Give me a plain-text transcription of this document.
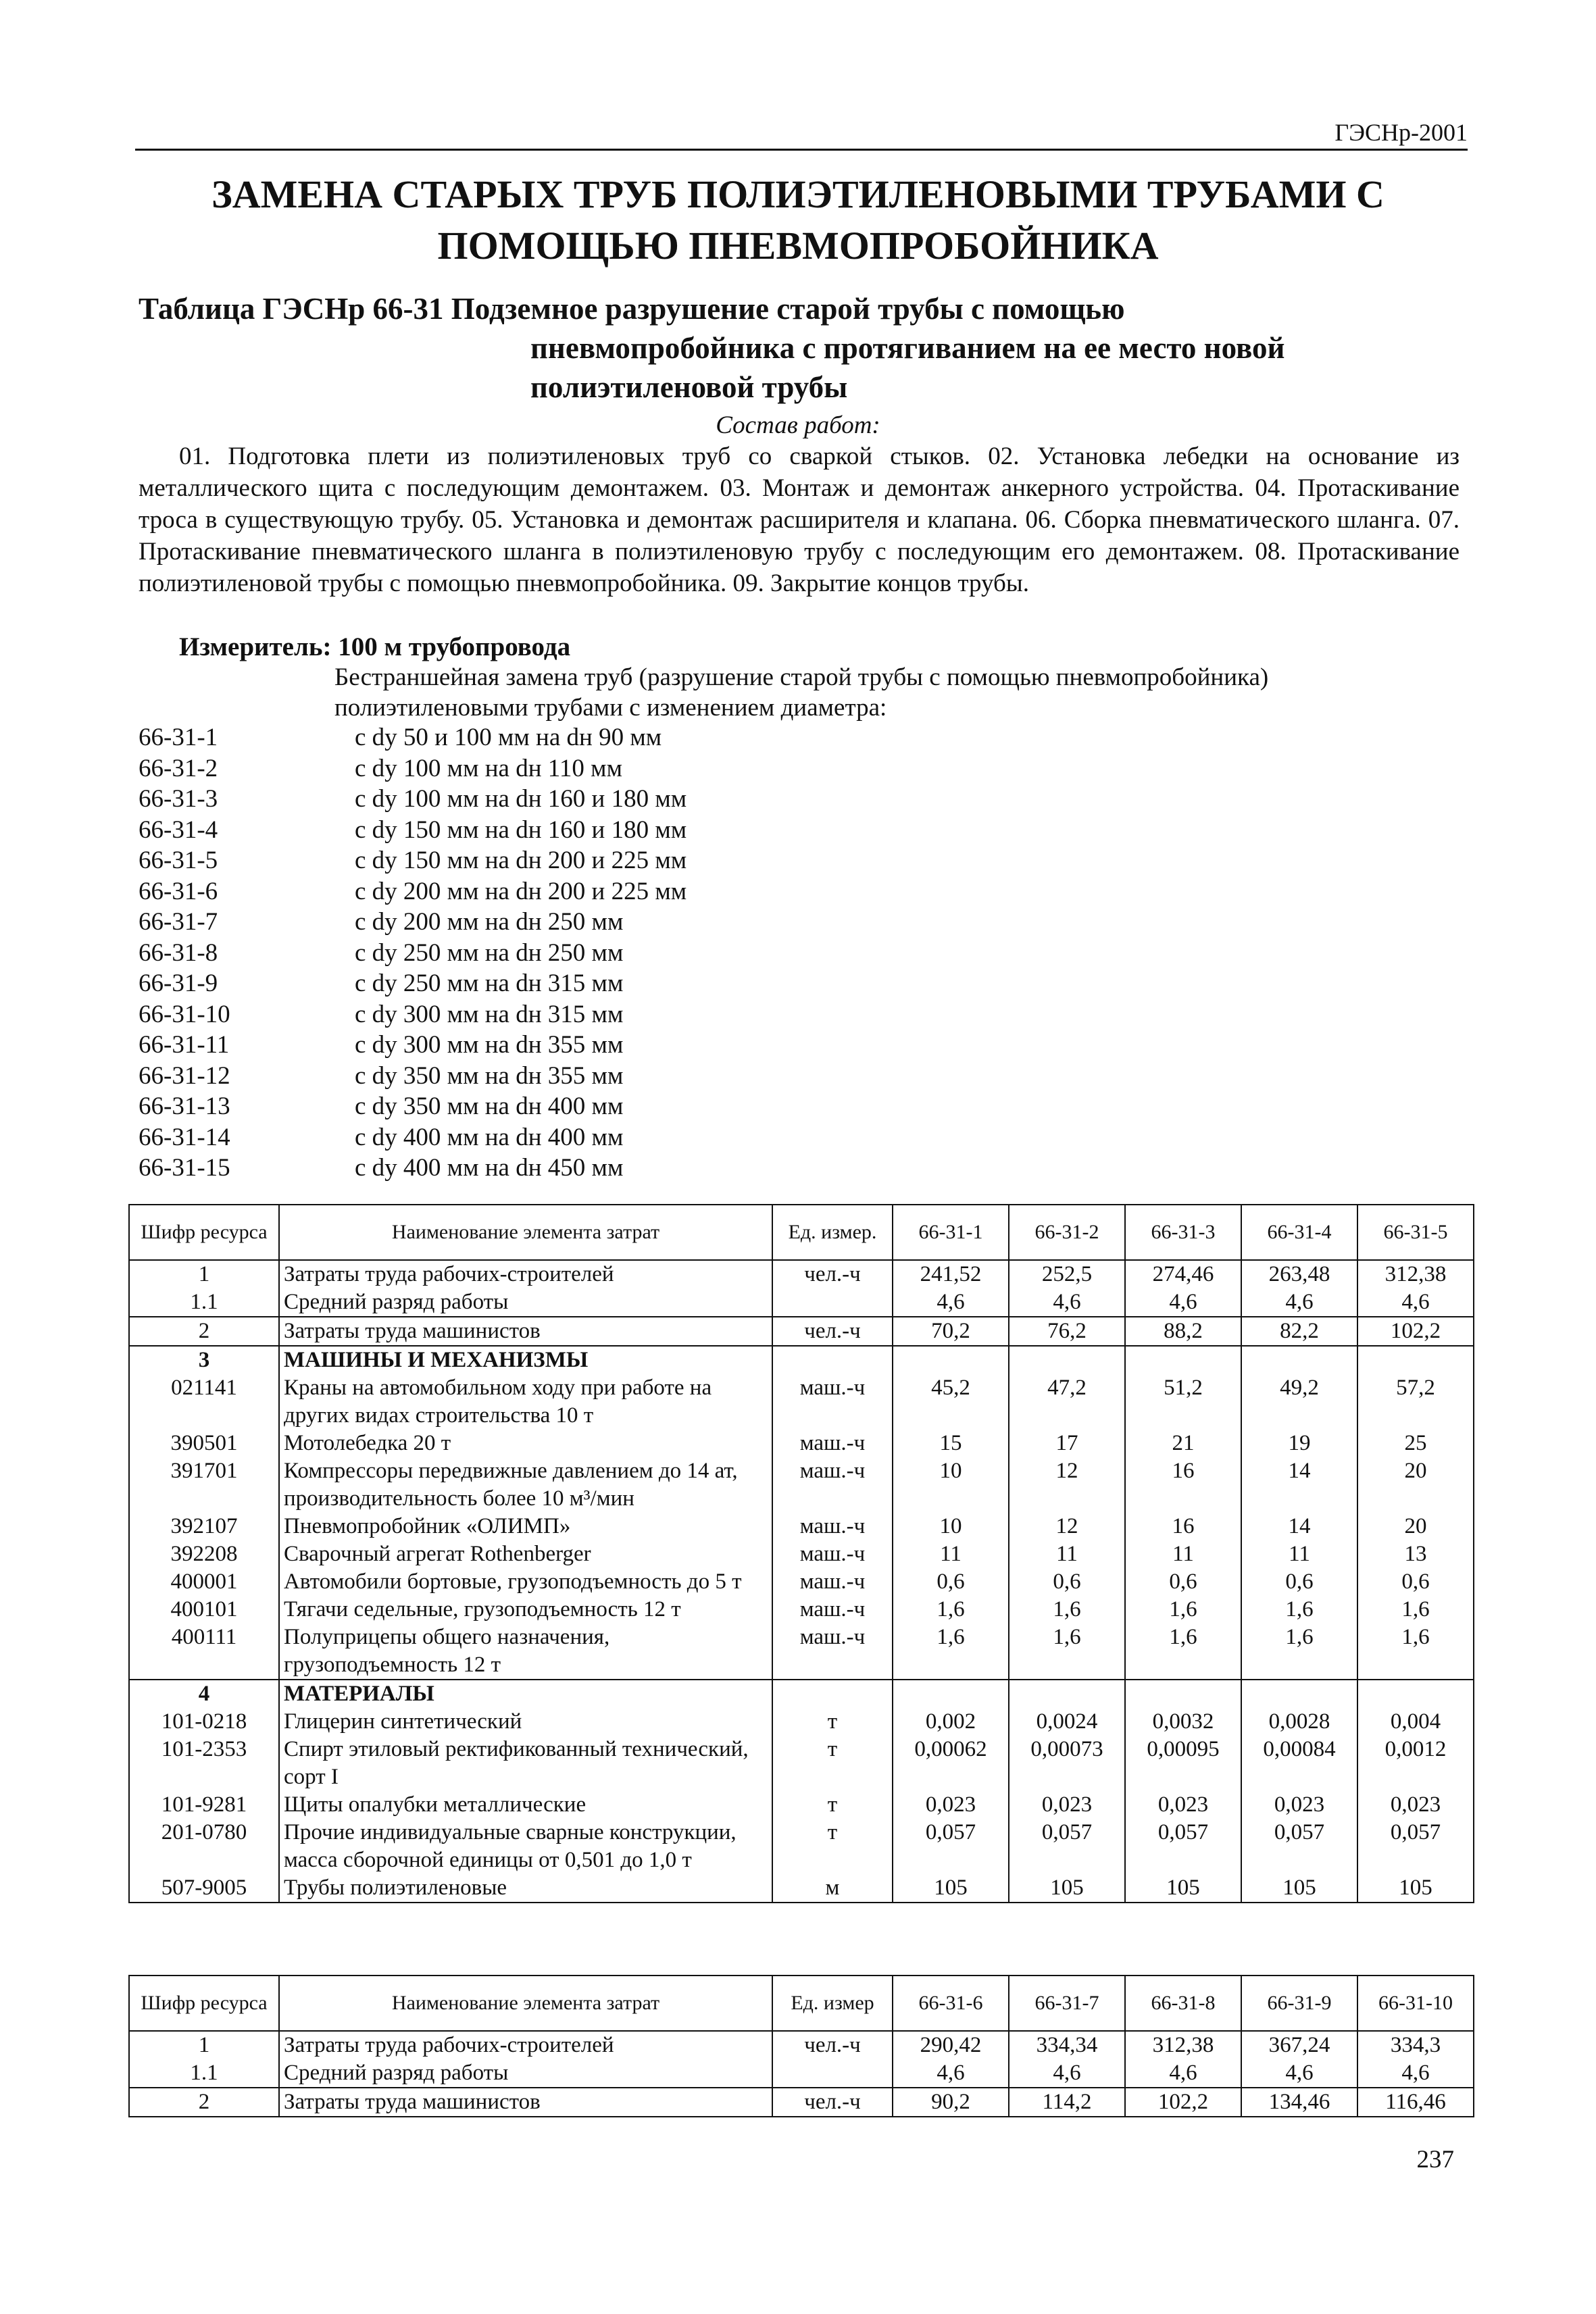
ГЭСНр-2001
ЗАМЕНА СТАРЫХ ТРУБ ПОЛИЭТИЛЕНОВЫМИ ТРУБАМИ С ПОМОЩЬЮ ПНЕВМОПРОБОЙНИКА
Таблица ГЭСНр 66-31 Подземное разрушение старой трубы с помощью
пневмопробойника с протягиванием на ее место новой полиэтиленовой трубы
Состав работ:
01. Подготовка плети из полиэтиленовых труб со сваркой стыков. 02. Установка лебедки на основание из металлического щита с последующим демонтажем. 03. Монтаж и демонтаж анкерного устройства. 04. Протаскивание троса в существующую трубу. 05. Установка и демонтаж расширителя и клапана. 06. Сборка пневматического шланга. 07. Протаскивание пневматического шланга в полиэтиленовую трубу с последующим его демонтажем. 08. Протаскивание полиэтиленовой трубы с помощью пневмопробойника. 09. Закрытие концов трубы.
Измеритель: 100 м трубопровода
Бестраншейная замена труб (разрушение старой трубы с помощью пневмопробойника) полиэтиленовыми трубами с изменением диаметра:
66-31-1	с dy 50 и 100 мм на dн 90 мм
66-31-2	с dy 100 мм на dн 110 мм
66-31-3	с dy 100 мм на dн 160 и 180 мм
66-31-4	с dy 150 мм на dн 160 и 180 мм
66-31-5	с dy 150 мм на dн 200 и 225 мм
66-31-6	с dy 200 мм на dн 200 и 225 мм
66-31-7	с dy 200 мм на dн 250 мм
66-31-8	с dy 250 мм на dн 250 мм
66-31-9	с dy 250 мм на dн 315 мм
66-31-10	с dy 300 мм на dн 315 мм
66-31-11	с dy 300 мм на dн 355 мм
66-31-12	с dy 350 мм на dн 355 мм
66-31-13	с dy 350 мм на dн 400 мм
66-31-14	с dy 400 мм на dн 400 мм
66-31-15	с dy 400 мм на dн 450 мм
Шифр ресурса	Наименование элемента затрат	Ед. измер.	66-31-1	66-31-2	66-31-3	66-31-4	66-31-5
1	Затраты труда рабочих-строителей	чел.-ч	241,52	252,5	274,46	263,48	312,38
1.1	Средний разряд работы		4,6	4,6	4,6	4,6	4,6
2	Затраты труда машинистов	чел.-ч	70,2	76,2	88,2	82,2	102,2
3	МАШИНЫ И МЕХАНИЗМЫ						
021141	Краны на автомобильном ходу при работе на других видах строительства 10 т	маш.-ч	45,2	47,2	51,2	49,2	57,2
390501	Мотолебедка 20 т	маш.-ч	15	17	21	19	25
391701	Компрессоры передвижные давлением до 14 ат, производительность более 10 м³/мин	маш.-ч	10	12	16	14	20
392107	Пневмопробойник «ОЛИМП»	маш.-ч	10	12	16	14	20
392208	Сварочный агрегат Rothenberger	маш.-ч	11	11	11	11	13
400001	Автомобили бортовые, грузоподъемность до 5 т	маш.-ч	0,6	0,6	0,6	0,6	0,6
400101	Тягачи седельные, грузоподъемность 12 т	маш.-ч	1,6	1,6	1,6	1,6	1,6
400111	Полуприцепы общего назначения, грузоподъемность 12 т	маш.-ч	1,6	1,6	1,6	1,6	1,6
4	МАТЕРИАЛЫ						
101-0218	Глицерин синтетический	т	0,002	0,0024	0,0032	0,0028	0,004
101-2353	Спирт этиловый ректификованный технический, сорт I	т	0,00062	0,00073	0,00095	0,00084	0,0012
101-9281	Щиты опалубки металлические	т	0,023	0,023	0,023	0,023	0,023
201-0780	Прочие индивидуальные сварные конструкции, масса сборочной единицы от 0,501 до 1,0 т	т	0,057	0,057	0,057	0,057	0,057
507-9005	Трубы полиэтиленовые	м	105	105	105	105	105
Шифр ресурса	Наименование элемента затрат	Ед. измер	66-31-6	66-31-7	66-31-8	66-31-9	66-31-10
1	Затраты труда рабочих-строителей	чел.-ч	290,42	334,34	312,38	367,24	334,3
1.1	Средний разряд работы		4,6	4,6	4,6	4,6	4,6
2	Затраты труда машинистов	чел.-ч	90,2	114,2	102,2	134,46	116,46
237
